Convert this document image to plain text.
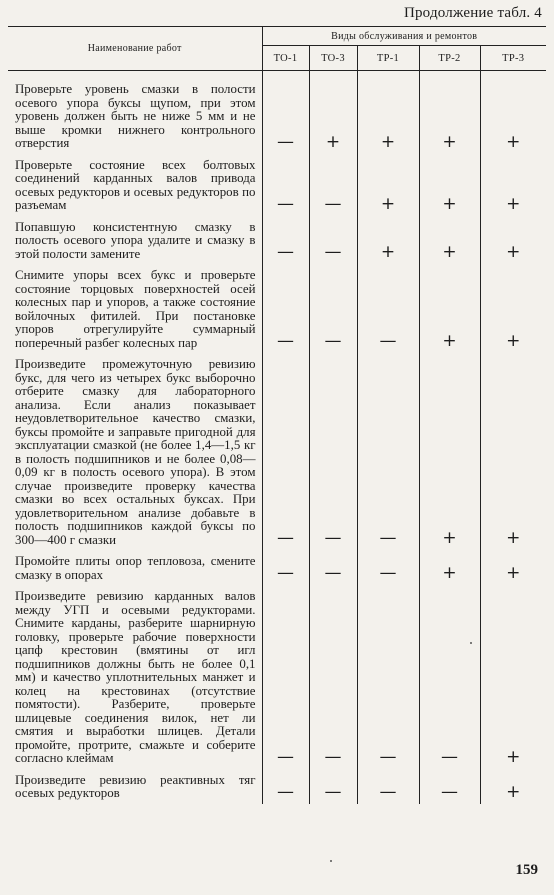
Продолжение табл. 4
Наименование работ	Виды обслуживания и ремонтов				
	ТО-1	ТО-3	ТР-1	ТР-2	ТР-3
Проверьте уровень смазки в полости осевого упора буксы щупом, при этом уровень должен быть не ниже 5 мм и не выше кромки нижнего контрольного отверстия	—	+	+	+	+
Проверьте состояние всех болтовых соединений карданных валов привода осевых редукторов и осевых редукторов по разъемам	—	—	+	+	+
Попавшую консистентную смазку в полость осевого упора удалите и смазку в этой полости замените	—	—	+	+	+
Снимите упоры всех букс и проверьте состояние торцовых поверхностей осей колесных пар и упоров, а также состояние войлочных фитилей. При постановке упоров отрегулируйте суммарный поперечный разбег колесных пар	—	—	—	+	+
Произведите промежуточную ревизию букс, для чего из четырех букс выборочно отберите смазку для лабораторного анализа. Если анализ показывает неудовлетворительное качество смазки, буксы промойте и заправьте пригодной для эксплуатации смазкой (не более 1,4—1,5 кг в полость подшипников и не более 0,08—0,09 кг в полость осевого упора). В этом случае произведите проверку качества смазки во всех остальных буксах. При удовлетворительном анализе добавьте в полость подшипников каждой буксы по 300—400 г смазки	—	—	—	+	+
Промойте плиты опор тепловоза, смените смазку в опорах	—	—	—	+	+
Произведите ревизию карданных валов между УГП и осевыми редукторами. Снимите карданы, разберите шарнирную головку, проверьте рабочие поверхности цапф крестовин (вмятины от игл подшипников должны быть не более 0,1 мм) и качество уплотнительных манжет и колец на крестовинах (отсутствие помятости). Разберите, проверьте шлицевые соединения вилок, нет ли смятия и выработки шлицев. Детали промойте, протрите, смажьте и соберите согласно клеймам	—	—	—	—	+
Произведите ревизию реактивных тяг осевых редукторов	—	—	—	—	+
159
